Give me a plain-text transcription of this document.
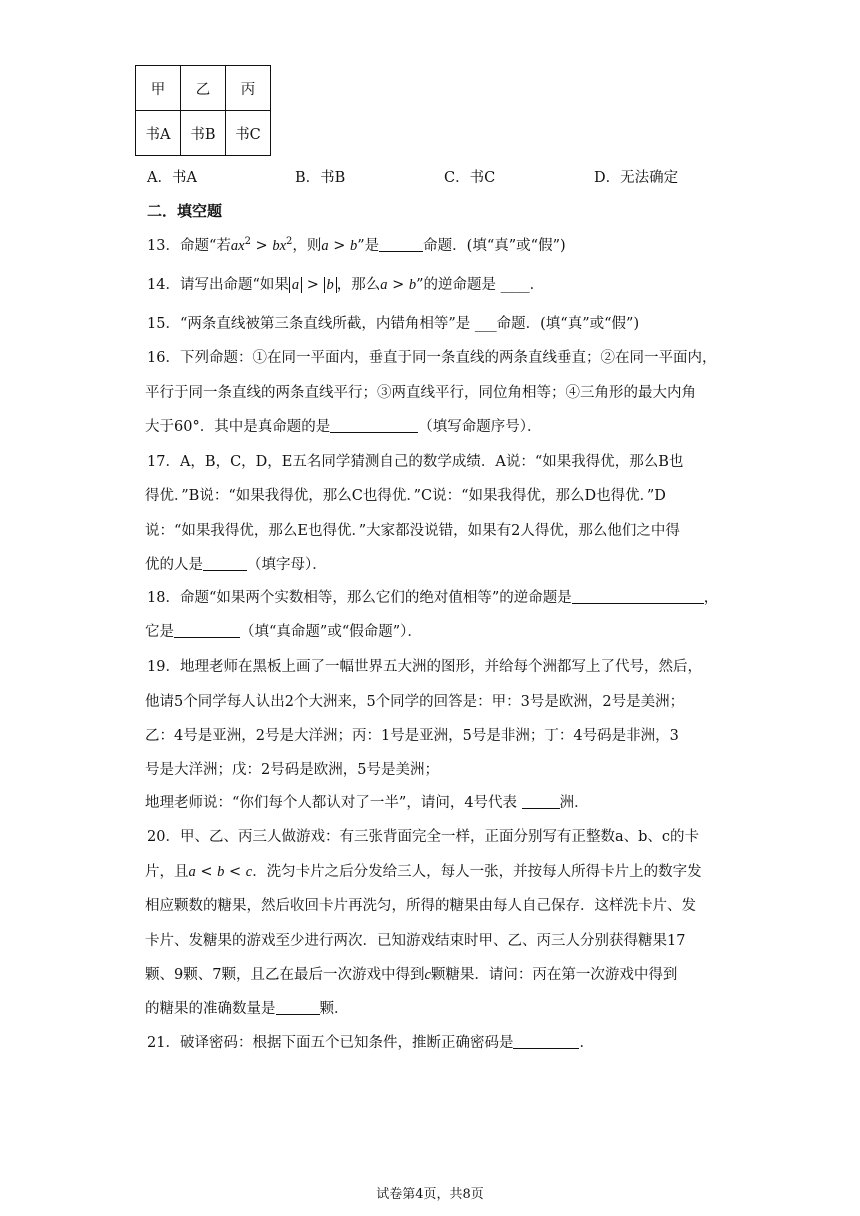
甲	乙	丙
书A	书B	书C
A．书A	B．书B	C．书C	D．无法确定
二．填空题
13．命题“若$ax^2 > bx^2$，则a > b”是	命题．(填“真”或“假”)
14．请写出命题“如果 a > b ，那么a > b”的逆命题是 ____．
15．“两条直线被第三条直线所截，内错角相等”是 ___命题．(填“真”或“假”)
16．下列命题：①在同一平面内，垂直于同一条直线的两条直线垂直；②在同一平面内，
平行于同一条直线的两条直线平行；③两直线平行，同位角相等；④三角形的最大内角
大于60°．其中是真命题的是	（填写命题序号）．
17．A，B，C，D，E五名同学猜测自己的数学成绩．A说：“如果我得优，那么B也
得优．”B说：“如果我得优，那么C也得优．”C说：“如果我得优，那么D也得优．”D
说：“如果我得优，那么E也得优．”大家都没说错，如果有2人得优，那么他们之中得
优的人是	（填字母）．
18．命题“如果两个实数相等，那么它们的绝对值相等”的逆命题是	，
它是	（填“真命题”或“假命题”）．
19．地理老师在黑板上画了一幅世界五大洲的图形，并给每个洲都写上了代号，然后，
他请5个同学每人认出2个大洲来，5个同学的回答是：甲：3号是欧洲，2号是美洲；
乙：4号是亚洲，2号是大洋洲；丙：1号是亚洲，5号是非洲；丁：4号码是非洲，3
号是大洋洲；戊：2号码是欧洲，5号是美洲；
地理老师说：“你们每个人都认对了一半”，请问，4号代表	洲．
20．甲、乙、丙三人做游戏：有三张背面完全一样，正面分别写有正整数a、b、c的卡
片，且a < b < c．洗匀卡片之后分发给三人，每人一张，并按每人所得卡片上的数字发
相应颗数的糖果，然后收回卡片再洗匀，所得的糖果由每人自己保存．这样洗卡片、发
卡片、发糖果的游戏至少进行两次．已知游戏结束时甲、乙、丙三人分别获得糖果17
颗、9颗、7颗，且乙在最后一次游戏中得到c颗糖果．请问：丙在第一次游戏中得到
的糖果的准确数量是	颗．
21．破译密码：根据下面五个已知条件，推断正确密码是	．
试卷第4页，共8页
